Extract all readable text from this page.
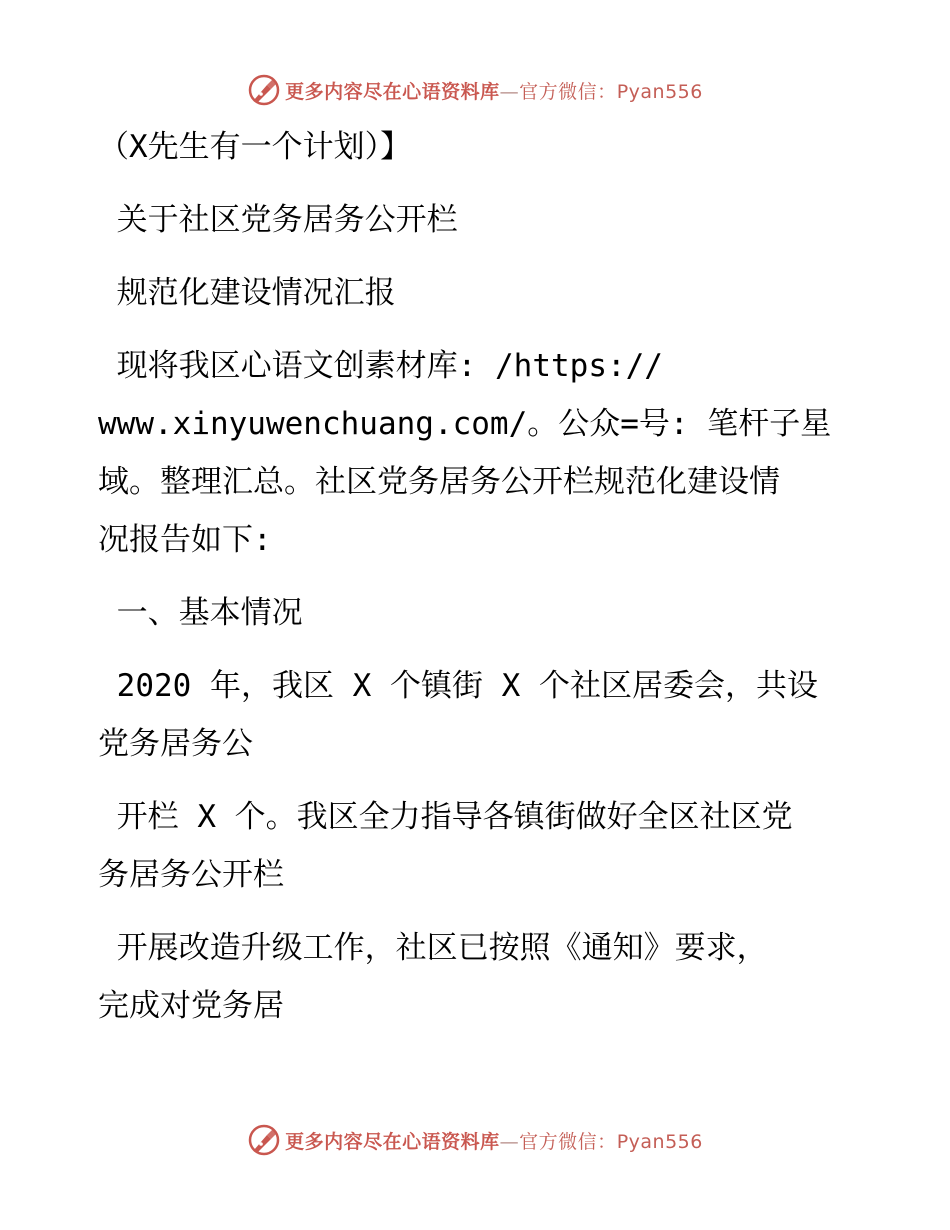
更多内容尽在心语资料库—官方微信：Pyan556

（X先生有一个计划）】

关于社区党务居务公开栏

规范化建设情况汇报

现将我区心语文创素材库: /https://
www.xinyuwenchuang.com/。公众=号: 笔杆子星
域。整理汇总。社区党务居务公开栏规范化建设情
况报告如下:

一、基本情况

2020 年，我区 X 个镇街 X 个社区居委会，共设
党务居务公

开栏 X 个。我区全力指导各镇街做好全区社区党
务居务公开栏

开展改造升级工作，社区已按照《通知》要求，
完成对党务居

更多内容尽在心语资料库—官方微信：Pyan556
